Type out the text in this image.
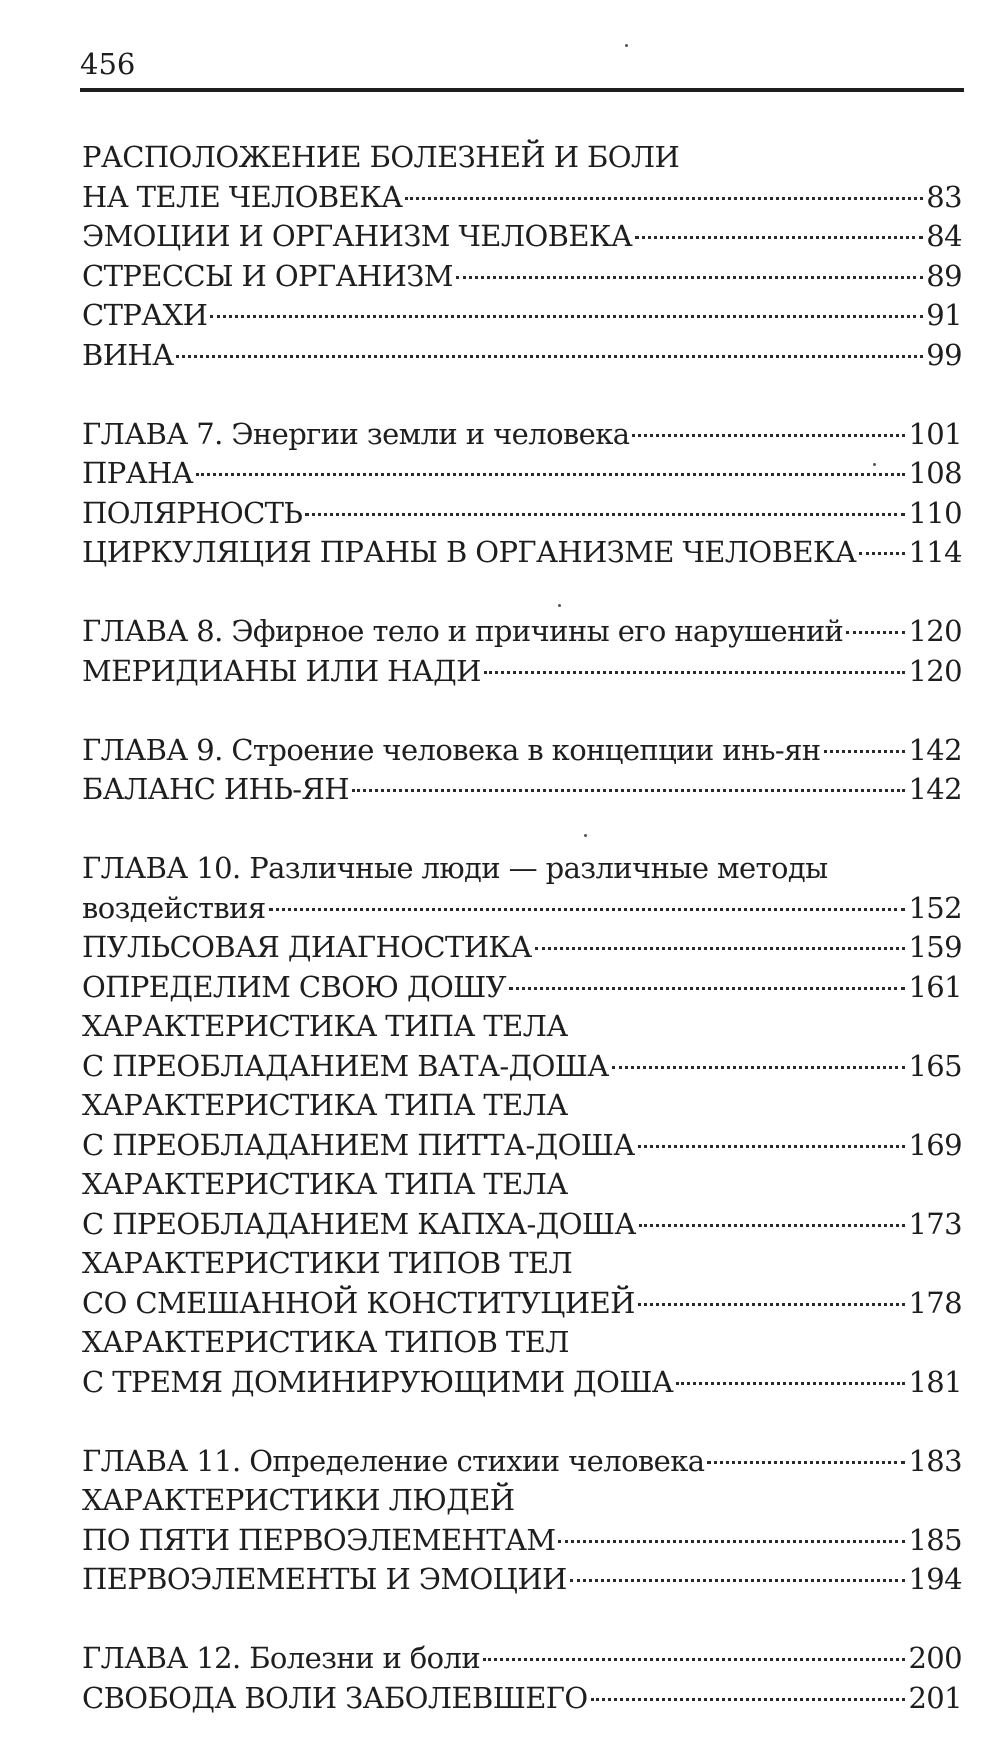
456
РАСПОЛОЖЕНИЕ БОЛЕЗНЕЙ И БОЛИ
НА ТЕЛЕ ЧЕЛОВЕКА	83
ЭМОЦИИ И ОРГАНИЗМ ЧЕЛОВЕКА	84
СТРЕССЫ И ОРГАНИЗМ	89
СТРАХИ	91
ВИНА	99
ГЛАВА 7. Энергии земли и человека	101
ПРАНА	108
ПОЛЯРНОСТЬ	110
ЦИРКУЛЯЦИЯ ПРАНЫ В ОРГАНИЗМЕ ЧЕЛОВЕКА 114
ГЛАВА 8. Эфирное тело и причины его нарушений 120
МЕРИДИАНЫ ИЛИ НАДИ	120
ГЛАВА 9. Строение человека в концепции инь-ян	142
БАЛАНС ИНЬ-ЯН	142
ГЛАВА 10. Различные люди — различные методы
воздействия	152
ПУЛЬСОВАЯ ДИАГНОСТИКА	159
ОПРЕДЕЛИМ СВОЮ ДОШУ	161
ХАРАКТЕРИСТИКА ТИПА ТЕЛА
С ПРЕОБЛАДАНИЕМ ВАТА-ДОША	165
ХАРАКТЕРИСТИКА ТИПА ТЕЛА
С ПРЕОБЛАДАНИЕМ ПИТТА-ДОША	169
ХАРАКТЕРИСТИКА ТИПА ТЕЛА
С ПРЕОБЛАДАНИЕМ КАПХА-ДОША	173
ХАРАКТЕРИСТИКИ ТИПОВ ТЕЛ
СО СМЕШАННОЙ КОНСТИТУЦИЕЙ	178
ХАРАКТЕРИСТИКА ТИПОВ ТЕЛ
С ТРЕМЯ ДОМИНИРУЮЩИМИ ДОША	181
ГЛАВА 11. Определение стихии человека	183
ХАРАКТЕРИСТИКИ ЛЮДЕЙ
ПО ПЯТИ ПЕРВОЭЛЕМЕНТАМ	185
ПЕРВОЭЛЕМЕНТЫ И ЭМОЦИИ	194
ГЛАВА 12. Болезни и боли	200
СВОБОДА ВОЛИ ЗАБОЛЕВШЕГО	201
